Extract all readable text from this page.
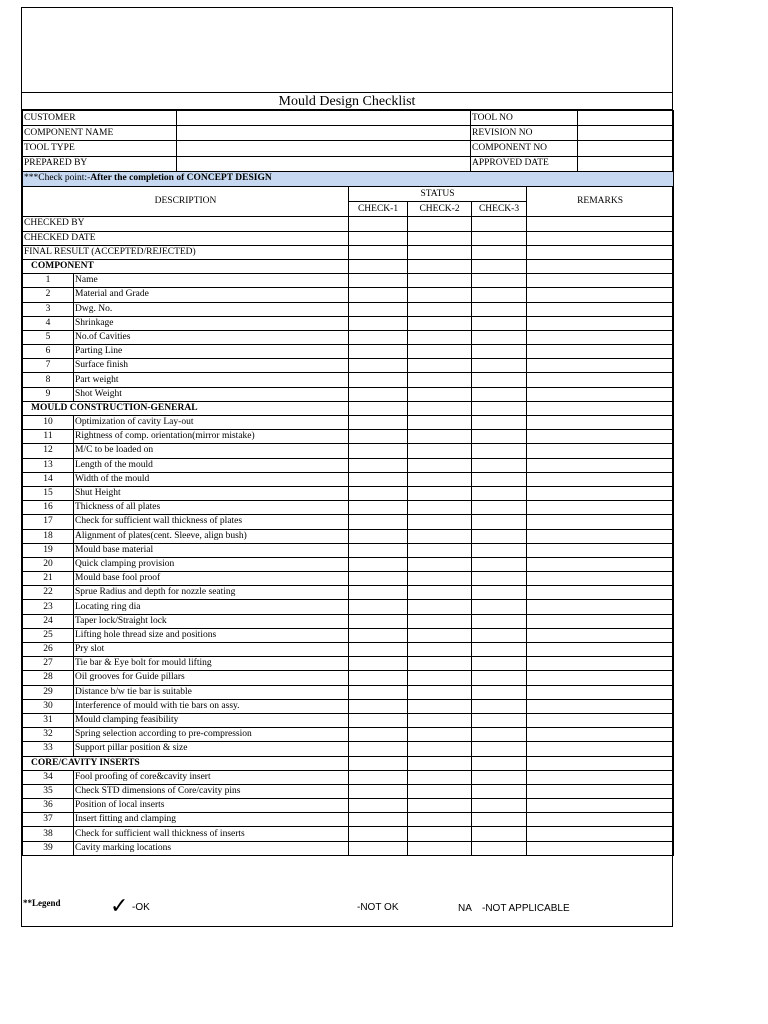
Mould Design Checklist
CUSTOMER		TOOL NO	
COMPONENT NAME		REVISION NO	
TOOL TYPE		COMPONENT NO	
PREPARED BY		APPROVED DATE	
***Check point:-After the completion of CONCEPT DESIGN			
DESCRIPTION		STATUS			REMARKS
		CHECK-1	CHECK-2	CHECK-3	
CHECKED BY					
CHECKED DATE					
FINAL RESULT (ACCEPTED/REJECTED)					
COMPONENT					
1	Name				
2	Material and Grade				
3	Dwg. No.				
4	Shrinkage				
5	No.of Cavities				
6	Parting Line				
7	Surface finish				
8	Part weight				
9	Shot Weight				
MOULD CONSTRUCTION-GENERAL					
10	Optimization of cavity Lay-out				
11	Rightness of comp. orientation(mirror mistake)				
12	M/C to be loaded on				
13	Length of the mould				
14	Width of the mould				
15	Shut Height				
16	Thickness of all plates				
17	Check for sufficient wall thickness of plates				
18	Alignment of plates(cent. Sleeve, align bush)				
19	Mould base material				
20	Quick clamping provision				
21	Mould base fool proof				
22	Sprue Radius and depth for nozzle seating				
23	Locating ring dia				
24	Taper lock/Straight lock				
25	Lifting hole thread size and positions				
26	Pry slot				
27	Tie bar & Eye bolt for mould lifting				
28	Oil grooves for Guide pillars				
29	Distance b/w tie bar is suitable				
30	Interference of mould with tie bars on assy.				
31	Mould clamping feasibility				
32	Spring selection according to pre-compression				
33	Support pillar position & size				
CORE/CAVITY INSERTS					
34	Fool proofing of core&cavity insert				
35	Check STD dimensions of Core/cavity pins				
36	Position of local inserts				
37	Insert fitting and clamping				
38	Check for sufficient wall thickness of inserts				
39	Cavity marking locations				
**Legend ✓ -OK	-NOT OK	NA -NOT APPLICABLE
